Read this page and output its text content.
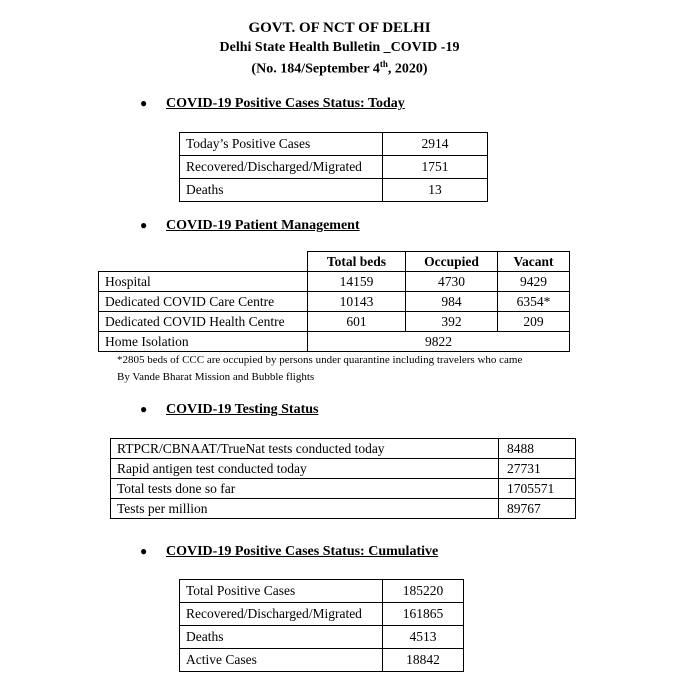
GOVT. OF NCT OF DELHI
Delhi State Health Bulletin _COVID -19
(No. 184/September 4th, 2020)
● COVID-19 Positive Cases Status: Today
Today’s Positive Cases	2914
Recovered/Discharged/Migrated	1751
Deaths	13
● COVID-19 Patient Management
	Total beds	Occupied	Vacant
Hospital	14159	4730	9429
Dedicated COVID Care Centre	10143	984	6354*
Dedicated COVID Health Centre	601	392	209
Home Isolation	9822		
*2805 beds of CCC are occupied by persons under quarantine including travelers who came
By Vande Bharat Mission and Bubble flights
● COVID-19 Testing Status
RTPCR/CBNAAT/TrueNat tests conducted today	8488
Rapid antigen test conducted today	27731
Total tests done so far	1705571
Tests per million	89767
● COVID-19 Positive Cases Status: Cumulative
Total Positive Cases	185220
Recovered/Discharged/Migrated	161865
Deaths	4513
Active Cases	18842
